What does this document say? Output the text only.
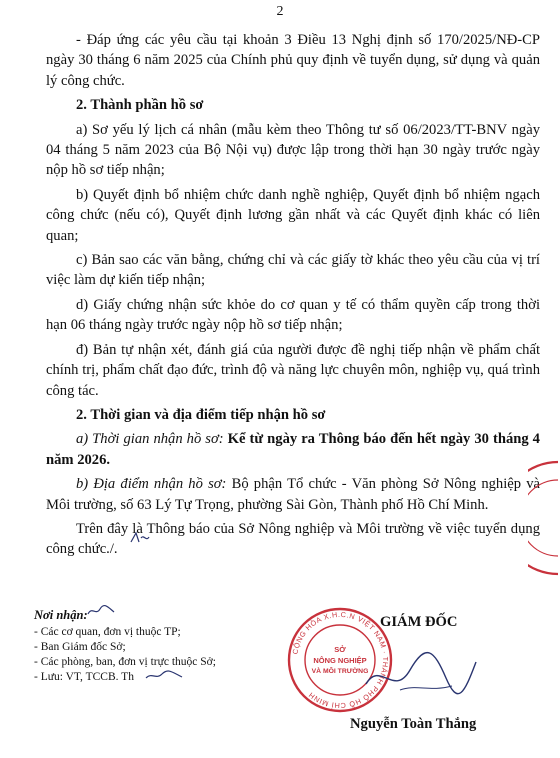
2

- Đáp ứng các yêu cầu tại khoản 3 Điều 13 Nghị định số 170/2025/NĐ-CP ngày 30 tháng 6 năm 2025 của Chính phủ quy định về tuyển dụng, sử dụng và quản lý công chức.

2. Thành phần hồ sơ

a) Sơ yếu lý lịch cá nhân (mẫu kèm theo Thông tư số 06/2023/TT-BNV ngày 04 tháng 5 năm 2023 của Bộ Nội vụ) được lập trong thời hạn 30 ngày trước ngày nộp hồ sơ tiếp nhận;

b) Quyết định bổ nhiệm chức danh nghề nghiệp, Quyết định bổ nhiệm ngạch công chức (nếu có), Quyết định lương gần nhất và các Quyết định khác có liên quan;

c) Bản sao các văn bằng, chứng chỉ và các giấy tờ khác theo yêu cầu của vị trí việc làm dự kiến tiếp nhận;

d) Giấy chứng nhận sức khỏe do cơ quan y tế có thẩm quyền cấp trong thời hạn 06 tháng ngày trước ngày nộp hồ sơ tiếp nhận;

đ) Bản tự nhận xét, đánh giá của người được đề nghị tiếp nhận về phẩm chất chính trị, phẩm chất đạo đức, trình độ và năng lực chuyên môn, nghiệp vụ, quá trình công tác.

2. Thời gian và địa điểm tiếp nhận hồ sơ

a) Thời gian nhận hồ sơ: Kể từ ngày ra Thông báo đến hết ngày 30 tháng 4 năm 2026.

b) Địa điểm nhận hồ sơ: Bộ phận Tổ chức - Văn phòng Sở Nông nghiệp và Môi trường, số 63 Lý Tự Trọng, phường Sài Gòn, Thành phố Hồ Chí Minh.

Trên đây là Thông báo của Sở Nông nghiệp và Môi trường về việc tuyển dụng công chức./.

Nơi nhận:
- Các cơ quan, đơn vị thuộc TP;
- Ban Giám đốc Sở;
- Các phòng, ban, đơn vị trực thuộc Sở;
- Lưu: VT, TCCB. Th
CỘNG HÒA X.H.C.N VIỆT NAM · THÀNH PHỐ HỒ CHÍ MINH
SỞ
NÔNG NGHIỆP
VÀ MÔI TRƯỜNG
GIÁM ĐỐC
Nguyễn Toàn Thắng
